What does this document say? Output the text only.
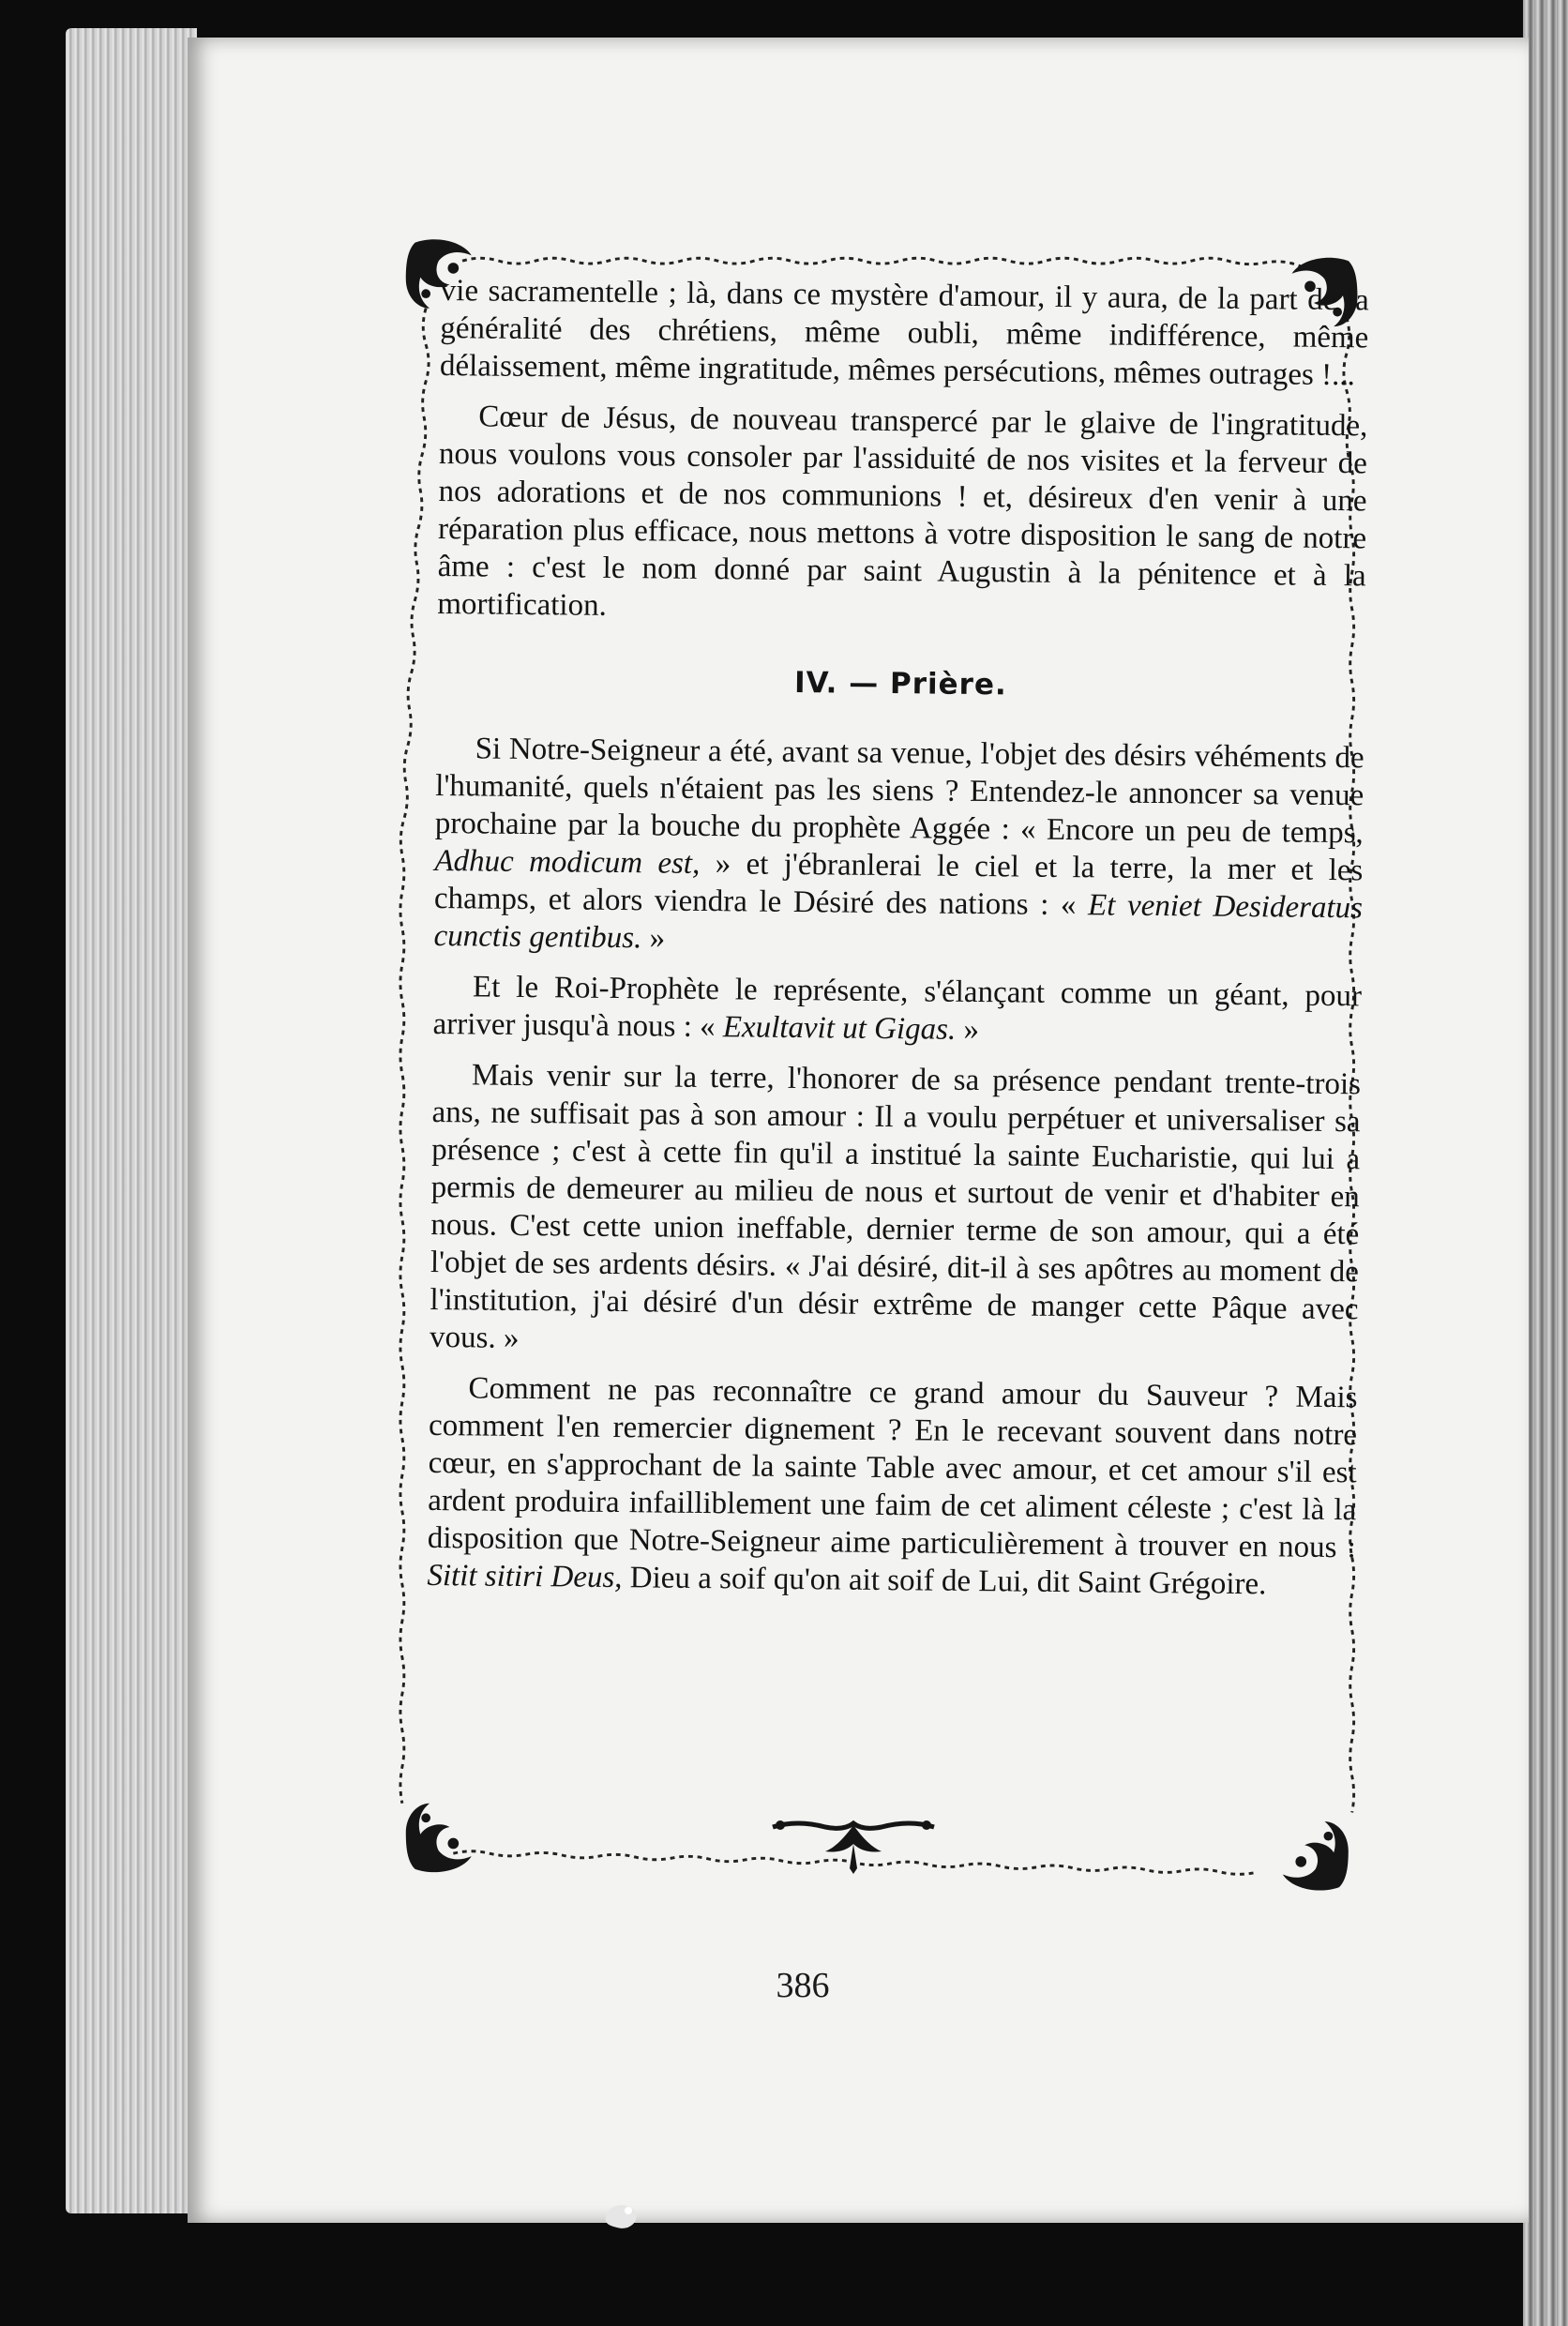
vie sacramentelle ; là, dans ce mystère d'amour, il y aura, de la part de la généralité des chrétiens, même oubli, même indifférence, même délaissement, même ingratitude, mêmes persécutions, mêmes outrages !...

Cœur de Jésus, de nouveau transpercé par le glaive de l'ingratitude, nous voulons vous consoler par l'assiduité de nos visites et la ferveur de nos adorations et de nos communions ! et, désireux d'en venir à une réparation plus efficace, nous mettons à votre disposition le sang de notre âme : c'est le nom donné par saint Augustin à la pénitence et à la mortification.

IV. — Prière.

Si Notre-Seigneur a été, avant sa venue, l'objet des désirs véhéments de l'humanité, quels n'étaient pas les siens ? Entendez-le annoncer sa venue prochaine par la bouche du prophète Aggée : « Encore un peu de temps, Adhuc modicum est, » et j'ébranlerai le ciel et la terre, la mer et les champs, et alors viendra le Désiré des nations : « Et veniet Desideratus cunctis gentibus. »

Et le Roi-Prophète le représente, s'élançant comme un géant, pour arriver jusqu'à nous : « Exultavit ut Gigas. »

Mais venir sur la terre, l'honorer de sa présence pendant trente-trois ans, ne suffisait pas à son amour : Il a voulu perpétuer et universaliser sa présence ; c'est à cette fin qu'il a institué la sainte Eucharistie, qui lui a permis de demeurer au milieu de nous et surtout de venir et d'habiter en nous. C'est cette union ineffable, dernier terme de son amour, qui a été l'objet de ses ardents désirs. « J'ai désiré, dit-il à ses apôtres au moment de l'institution, j'ai désiré d'un désir extrême de manger cette Pâque avec vous. »

Comment ne pas reconnaître ce grand amour du Sauveur ? Mais comment l'en remercier dignement ? En le recevant souvent dans notre cœur, en s'approchant de la sainte Table avec amour, et cet amour s'il est ardent produira infailliblement une faim de cet aliment céleste ; c'est là la disposition que Notre-Seigneur aime particulièrement à trouver en nous : Sitit sitiri Deus, Dieu a soif qu'on ait soif de Lui, dit Saint Grégoire.

386
